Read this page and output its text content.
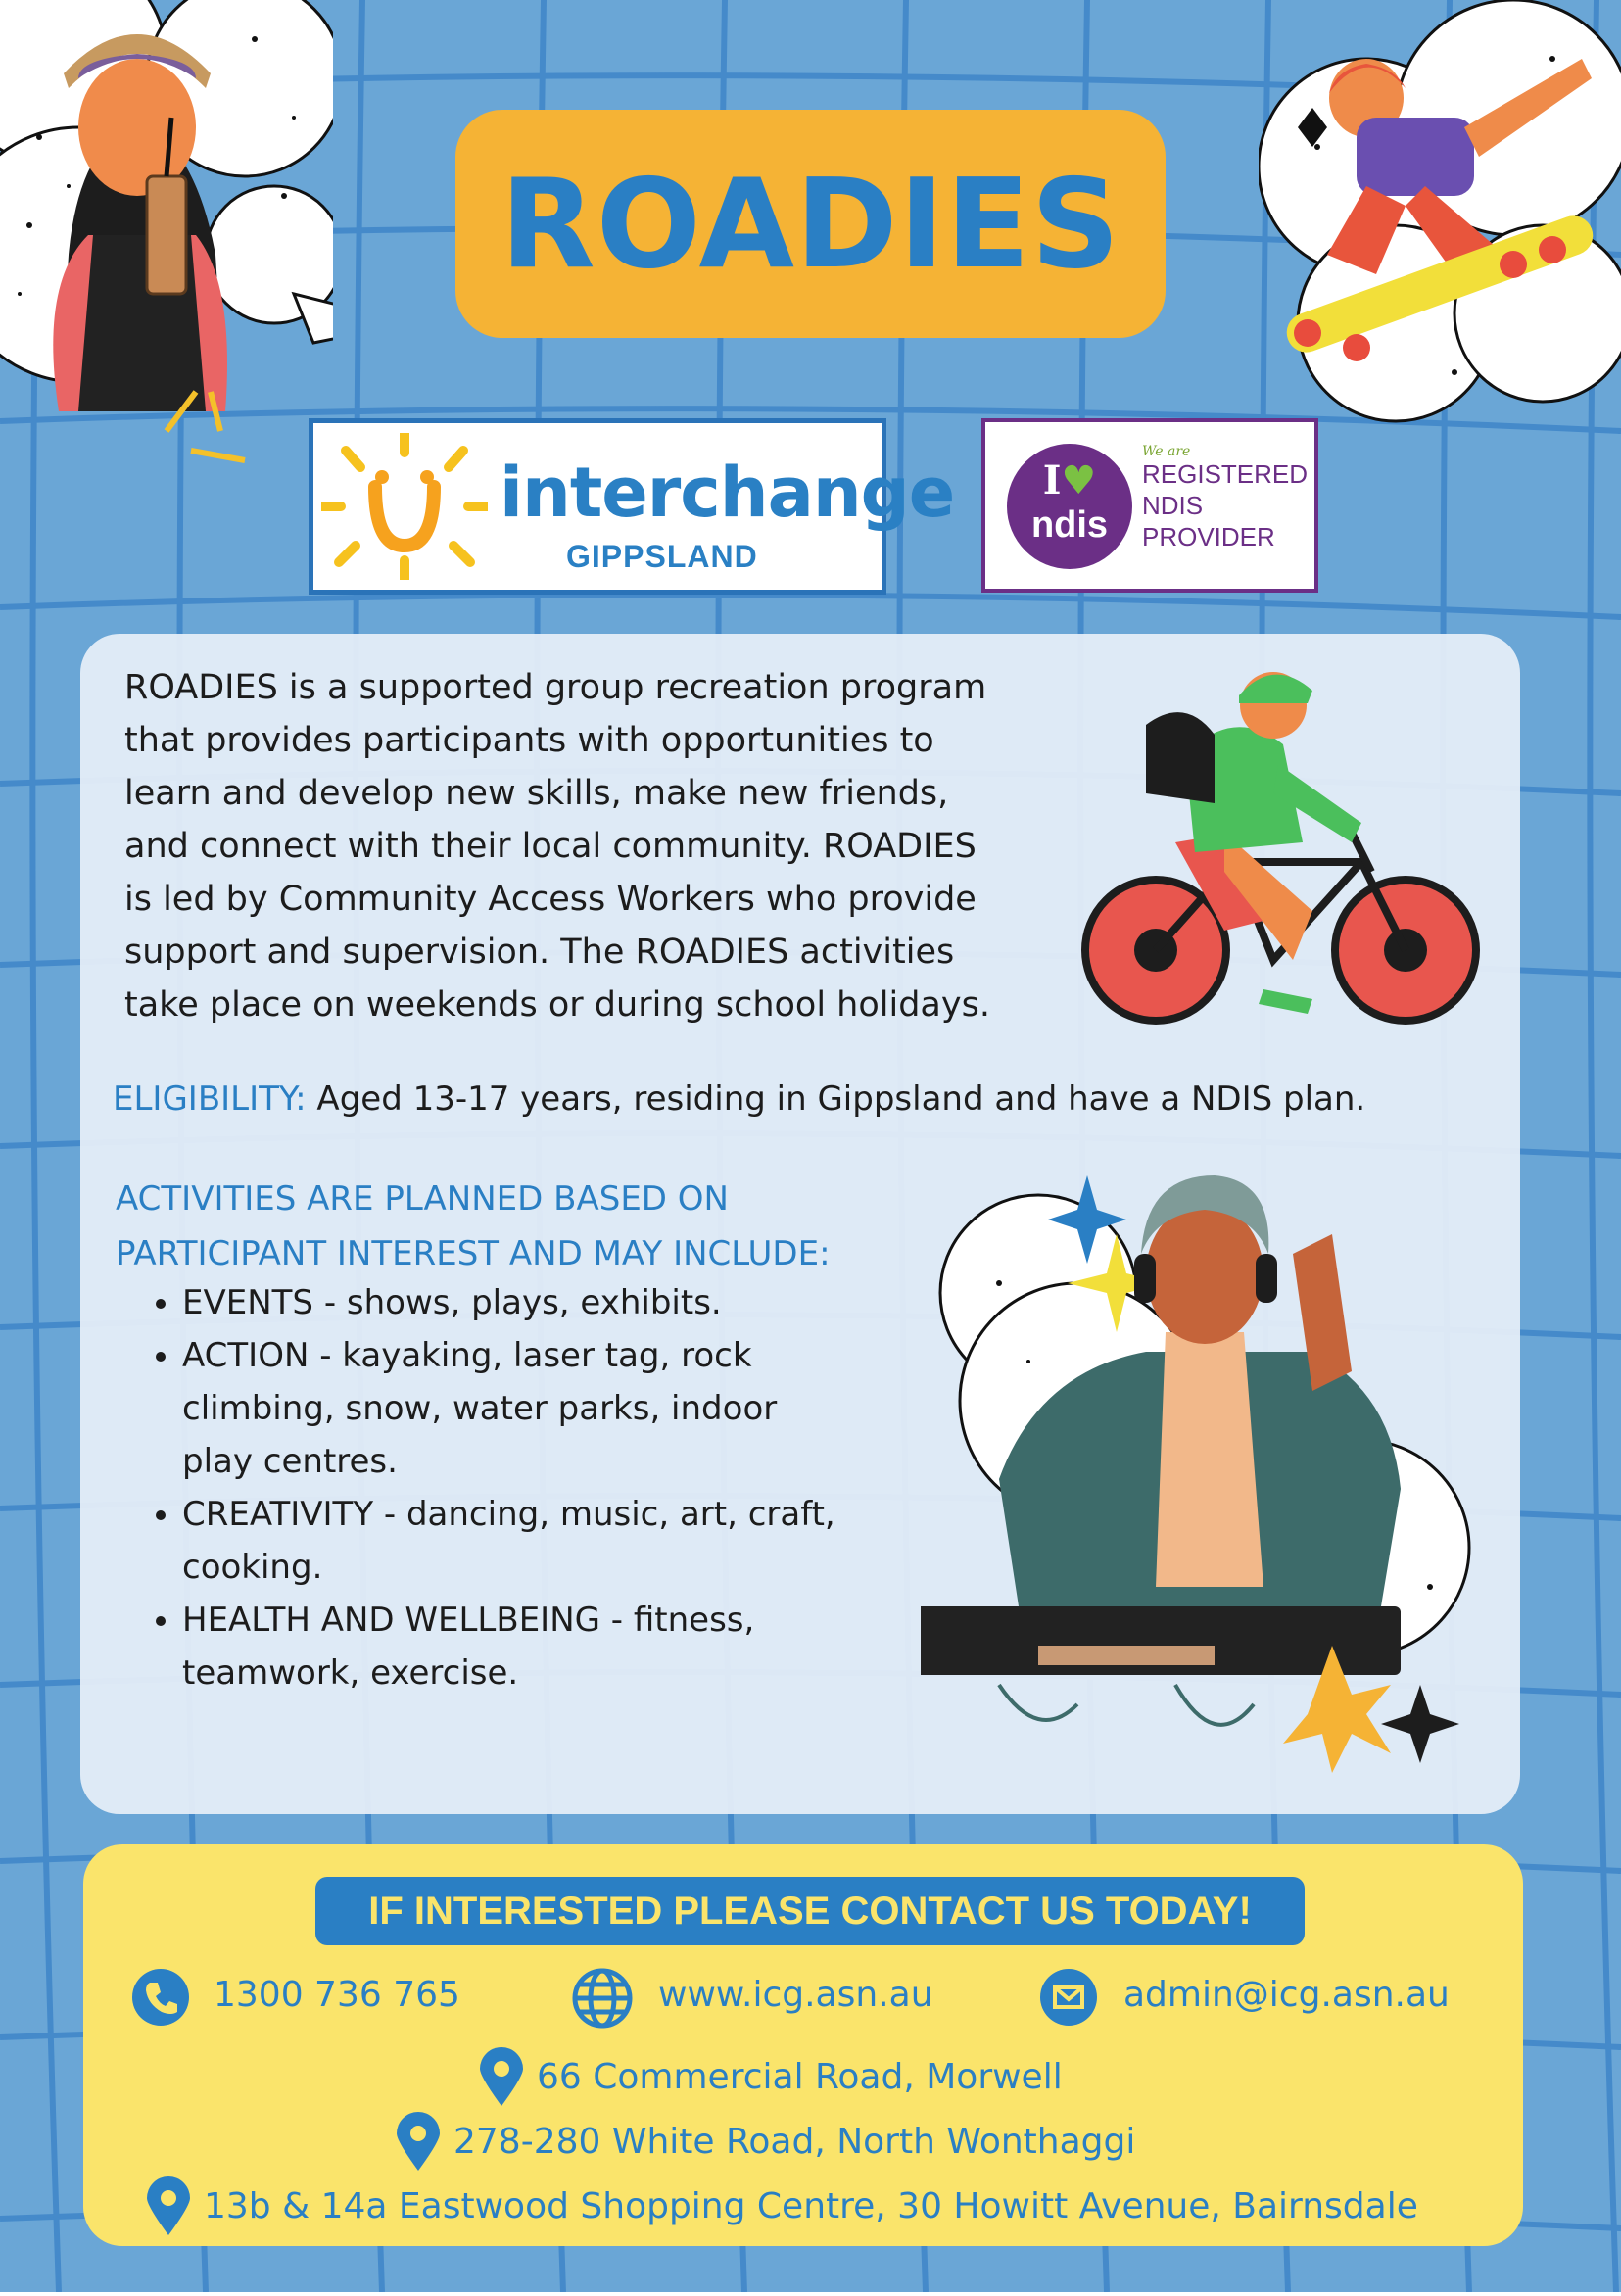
ROADIES
interchange
GIPPSLAND
I♥
ndis
We are
REGISTERED
NDIS
PROVIDER
ROADIES is a supported group recreation program
that provides participants with opportunities to
learn and develop new skills, make new friends,
and connect with their local community. ROADIES
is led by Community Access Workers who provide
support and supervision. The ROADIES activities
take place on weekends or during school holidays.
ELIGIBILITY: Aged 13-17 years, residing in Gippsland and have a NDIS plan.
ACTIVITIES ARE PLANNED BASED ON
PARTICIPANT INTEREST AND MAY INCLUDE:
• EVENTS - shows, plays, exhibits.
• ACTION - kayaking, laser tag, rock
climbing, snow, water parks, indoor
play centres.
• CREATIVITY - dancing, music, art, craft,
cooking.
• HEALTH AND WELLBEING - fitness,
teamwork, exercise.
IF INTERESTED PLEASE CONTACT US TODAY!
1300 736 765	www.icg.asn.au	admin@icg.asn.au
66 Commercial Road, Morwell
278-280 White Road, North Wonthaggi
13b & 14a Eastwood Shopping Centre, 30 Howitt Avenue, Bairnsdale
